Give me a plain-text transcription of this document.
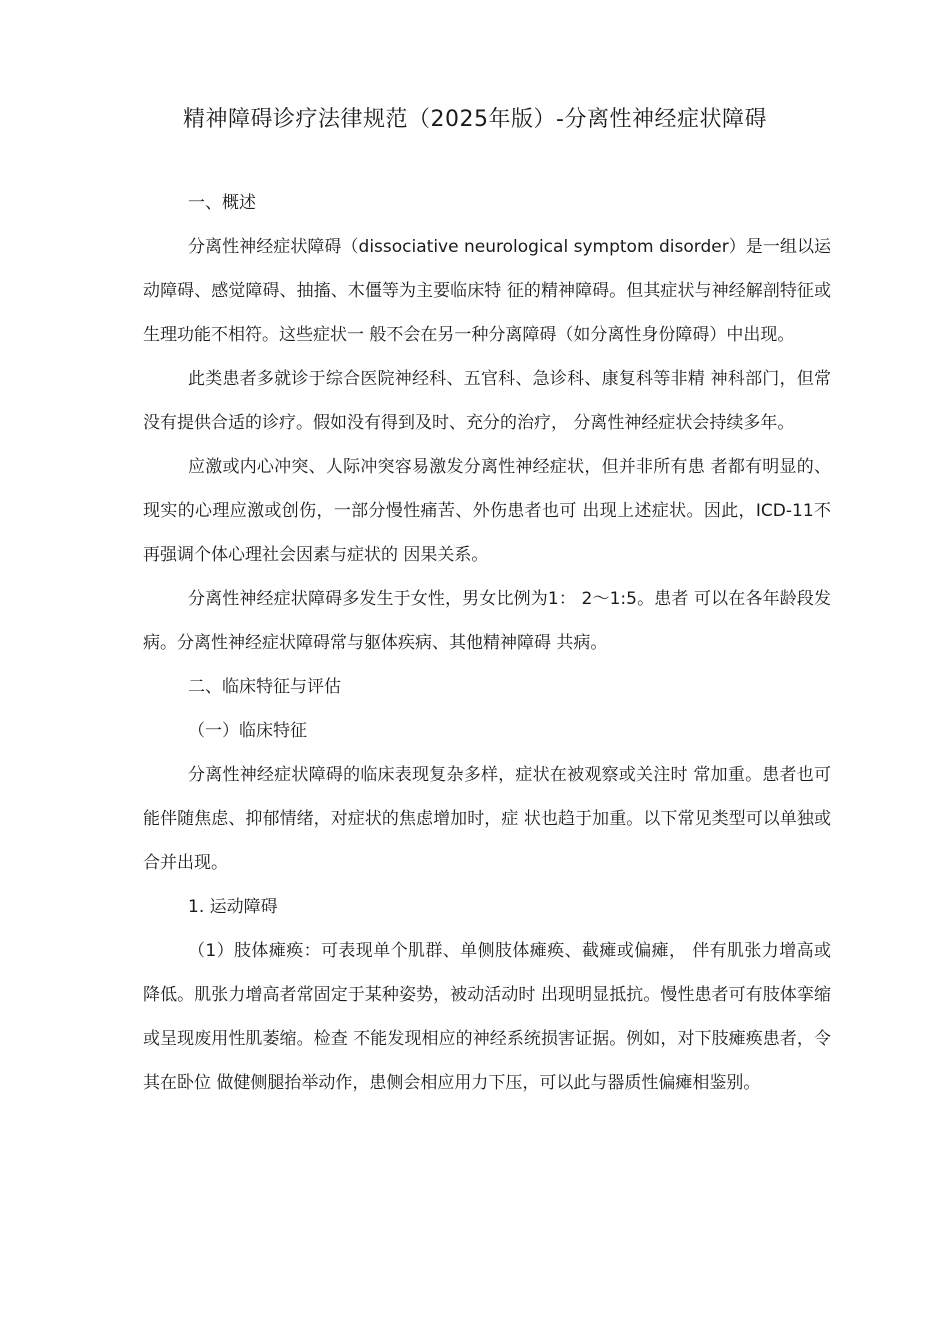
精神障碍诊疗法律规范（2025年版）-分离性神经症状障碍

一、概述

分离性神经症状障碍（dissociative neurological symptom disorder）是一组以运动障碍、感觉障碍、抽搐、木僵等为主要临床特 征的精神障碍。但其症状与神经解剖特征或生理功能不相符。这些症状一 般不会在另一种分离障碍（如分离性身份障碍）中出现。

此类患者多就诊于综合医院神经科、五官科、急诊科、康复科等非精 神科部门，但常没有提供合适的诊疗。假如没有得到及时、充分的治疗， 分离性神经症状会持续多年。

应激或内心冲突、人际冲突容易激发分离性神经症状，但并非所有患 者都有明显的、现实的心理应激或创伤，一部分慢性痛苦、外伤患者也可 出现上述症状。因此，ICD-11不再强调个体心理社会因素与症状的 因果关系。

分离性神经症状障碍多发生于女性，男女比例为1： 2〜1:5。患者 可以在各年龄段发病。分离性神经症状障碍常与躯体疾病、其他精神障碍 共病。

二、临床特征与评估

（一）临床特征

分离性神经症状障碍的临床表现复杂多样，症状在被观察或关注时 常加重。患者也可能伴随焦虑、抑郁情绪，对症状的焦虑增加时，症 状也趋于加重。以下常见类型可以单独或合并出现。

1. 运动障碍

（1）肢体瘫痪：可表现单个肌群、单侧肢体瘫痪、截瘫或偏瘫， 伴有肌张力增高或降低。肌张力增高者常固定于某种姿势，被动活动时 出现明显抵抗。慢性患者可有肢体挛缩或呈现废用性肌萎缩。检查 不能发现相应的神经系统损害证据。例如，对下肢瘫痪患者，令其在卧位 做健侧腿抬举动作，患侧会相应用力下压，可以此与器质性偏瘫相鉴别。
